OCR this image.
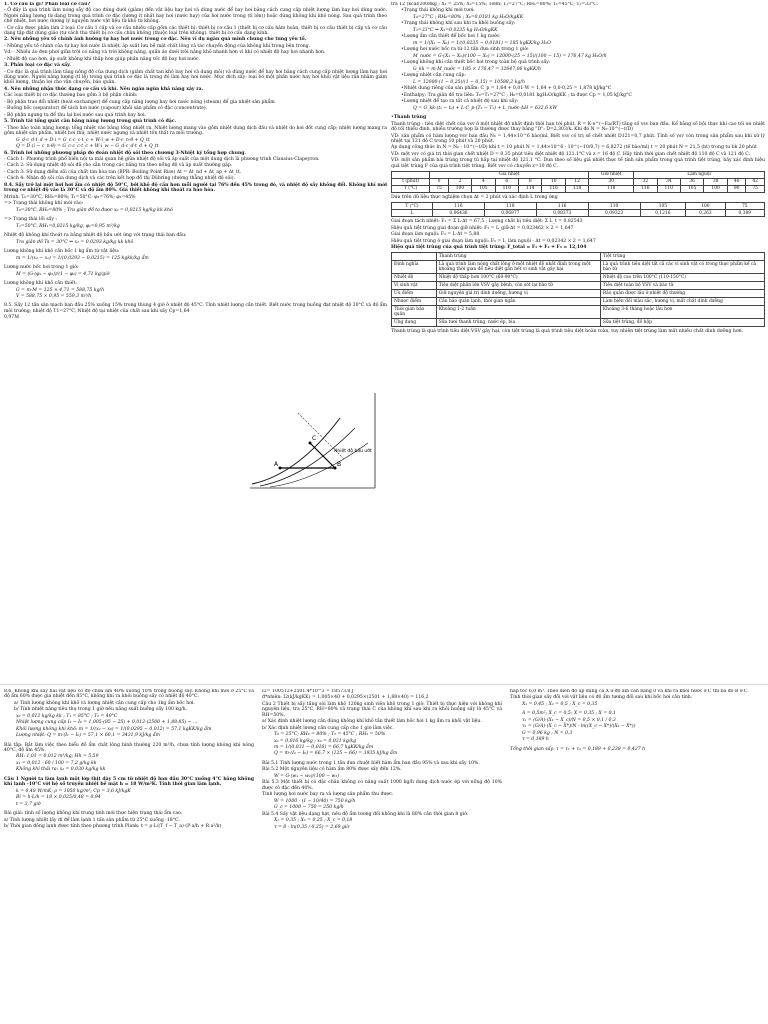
1. Cơ cấu là gì? Phân loại cơ cấu?

- Ở đây là quá trình làm nóng sẫy độ cao đúng dưới (giảm) đến vật liệu hay hơi và dùng nước để hay hơi bằng cách cung cấp nhiệt lượng làm hay hơi dùng nước. Người nâng lượng từ dạng trong quá trình cơ đặc (lượng ít nhất hay hơi (nước hay) của hơi nước trong (tỉ lớn)) hoặc dùng không khí khô nóng. Sau quá trình theo chế nhiệt, hơi nước dương lý nguyên nước vật liệu từ khô từ không.

- Cơ cấu được phân làm 2 loại: Cơ cấu 1 cấp và cơ cấu nhiều cấp gồm các thiết bị: thiết bị cơ cấu 1 (thiết bị cơ cấu hâm hoàn, thiết bị cơ cấu thiết bị cấp và cơ cấu dạng tập đặt dùng giáo (tự cách thu thiết bị cơ cấu chân không (thuộc loại trên không). thiết bị cơ cấu dạng kính.

2. Nêu những yêu tố chính ảnh hưởng tự hay hơi nước trong cơ đặc. Nêu ví dụ ngăn quá mình chung cho tung yếu tố.

- Những yếu tố chính của tự hay hơi nước là nhiệt, áp suất lưu bề mặt chất lỏng và tác chuyển động của không khí trong bên trong.

Vd: - Nhiều áo đen phơi giữa trời có nắng và trời không nắng, quần áo dưới trời nắng khô nhanh hơn vì khi có nhiệt độ hay hơi nhanh hơn.

- Nhiệt độ cao hơn, áp suất không khí thấp hơn giúp phần nâng tốc độ bay hơi nước.

3. Phân loại cơ đặc và sấy.

- Cơ đặc là quá trình làm tăng nồng độ của dung dịch (giảm chất tan khô bay hơi và dung môi) và dùng nước để hay hơi bằng cách cung cấp nhiệt lượng làm hay hơi dùng nước. Người nâng lượng (tỉ lệ) trong quá trình cơ đặc là trong đó làm hay hơi nước. Mục đích sấy: loại bỏ một phần nước hay hơi khỏi vật liệu rắn nhằm giảm khối lượng, thuận lợi cho vận chuyển, bảo quản.

4. Nêu những nhận thức dạng cơ cấu và khí. Nêu ngăn ngừa khả năng xảy ra.

Các loại thiết bị cơ đặc thường bao gồm 3 bộ phận chính:

- Bộ phận trao đổi nhiệt (heat exchanger) để cung cấp năng lượng hay hơi nước nóng (steam) để gia nhiệt sản phẩm.

- Buồng bốc (separator) để tách hơi nước (vapour) khỏi sản phẩm cô đặc (concentrate).

- Bộ phận ngưng tụ để thu lại hơi nước sau quá trình bay hơi.

5. Trình tài tổng quát cân bằng năng lượng trong quá trình cô đặc.

- Theo bảo toàn năng lượng: tổng nhiệt vào bằng tổng nhiệt ra. Nhiệt lượng mang vào gồm nhiệt dung dịch đầu và nhiệt do hơi đốt cung cấp; nhiệt lượng mang ra gồm nhiệt sản phẩm, nhiệt hơi thứ, nhiệt nước ngưng và nhiệt tổn thất ra môi trường.

G_d·c_d·t_d + D·i = G_c·c_c·t_c + W·i_w + D·c_n·θ + Q_tt

Q = D·(i − c_n·θ) = G_c·c_c·t_c + W·i_w − G_d·c_d·t_d + Q_tt

6. Trình lơi những phương pháp đo đoán nhiệt độ sôi theo chương 3-Nhiệt ký tổng hợp chung.

- Cách 1: Phương trình phổ biến nội ta mái quan hệ giữa nhiệt độ sôi và áp suất của một dung dịch là phương trình Clausius-Clapeyron.

- Cách 2: Sử dụng nhiệt độ sôi đã cho sẵn trong các bảng tra theo nồng độ và áp suất thường gặp.

- Cách 3: Sử dụng điểm sôi của chất tan hòa tan (BPR: Boiling Point Rise) Δt = Δt_nd + Δt_ap + Δt_tt.

- Cách 4: Nhận độ sôi của dung dịch và các trên kết hợp đồ thị Dühring (dường thẳng nhiệt độ sôi).

8.4. Sấy trở lại một hơi hơi ẩm có nhiệt độ 50°C, bởi khô độ cần hơn mỗi người tại 76% đến 45% trong đó, và nhiệt độ sấy không đổi. Không khí mới trong cơ nhiệt độ vào là 30°C và độ ẩm 80%. Giá thiết không khí thoát ra bảo hòa.

Mrình: T₀=30°C, RH₀=80%; T₁=50°C; φ₂=76%; φ₁=45%

=> Trạng thái không khí mới vào:

T₀=30°C, RH₀=80% ; Tra giản đồ ta được x₀ = 0,0215 kg/kg kk khô

=> Trạng thái lối sấy :

T₁=50°C, RH₁=0,0215 kg/kg, φ₁=0,95 m³/kg

Nhiệt độ không khí thoát ra bằng nhiệt độ bầu ướt ứng với trạng thái ban đầu:

Tra giản đồ Ts = 30°C ⇒ x₂ = 0,0293 kg/kg kk khô

Lượng không khí khô cần bốc 1 kg ẩm từ vật liệu:

m = 1/(x₂ − x₁) = 1/(0,0293 − 0,0215) = 125 kgkk/kg ẩm

Lượng nước bốc hơi trong 1 giờ:

M = (G·(φ₁ − φ₂))/(1 − φ₂) = 4,71 kg/giờ

Lượng không khí khô cần thiết:

G = m·M = 125 × 4,71 = 588,75 kg/h

V = 588,75 × 0,95 = 559,3 m³/h

8.5. Sấy 12 tấn sản mạch ban đầu 25% xuống 15% trong thùng 4 giờ ở nhiệt độ 45°C. Tính nhiệt lượng cần thiết. Biết nước trong buồng đạt nhiệt độ 30°C và độ ẩm môi trường; nhiệt độ T1=27°C, Nhiệt độ tại nhiệt của chất sau khi sấy Cp=1,64

0,97M

A	B
C
Nhiệt độ bầu ướt

tra 12 (kcal/2008kg ; X₁ = 25%; X₂=15%; 1e8h; T₁=27°C; RH₁=80%; T₁=45°C; T₂=33°C.

• Trạng thái không khí mới tươi:

T₀=27°C ; RH₀=80% ; X₀=0,0181 kg H₂O/kgKK

• Trạng thái không khí sau khi ra khỏi buồng sấy:

T₂=33°C ⇒ X₂=0,0235 kg H₂O/kgKK

• Lượng ẩm cần thiết để bốc hơi 1 kg nước:

m = 1/(X₂ − X₀) = 1/(0,0235 − 0,0181) = 185 kgKK/kg H₂O

• Lượng hơi nước bốc ra từ 12 tấn dựa sinh trong 1 giờ:

M_nước = G·(X₁ − X₂)/(100 − X₂) = 12000·(25 − 15)/(100 − 15) = 176,47 kg H₂O/h

• Lượng không khí cần thiết bốc hơi trong toàn bộ quá trình sấy:

G_kk = m·M_nước = 185 × 176,47 = 32647,06 kgKK/h

• Lượng nhiệt cần cung cấp:

L = 12000·(1 − 0,25)/(1 − 0,15) = 10588,2 kg/h

• Nhiệt dung riêng của sản phẩm: C_p = 1,64 + 0,01·W = 1,64 + 0,0·0,25 = 1,878 kJ/kg°C

• Enthalpy: Tra giản đồ tra liên: T₀=T₁=27°C ; H₀=0,0181 kgH₂O/kgKK ; ta được Cp = 1,05 kJ/kg°C

• Lượng nhiệt để tạo ra tất cả nhiệt độ sau khi sấy:

Q = G_kk·(t₁ − t₀) + L·C_p·(T₂ − T₁) + L_nước·ΔH = 632,6 kW

• Thanh trùng

Thanh trùng : tiêu diệt chết của vsv ở một nhiệt độ nhất định thời hạn tới phút. R = K·e^(−Ea/RT) tăng số vsv ban đầu. Kể bằng số bội thực khi cao tối ưu nhiệt độ tối thiểu định, nhiều trường hợp là thường được thay bằng "D": D=2,303/k. Khi đó N = N₀·10^(−t/D)

VD: sản phẩm có hàm lượng vsv ban đầu N₀ = 1,44×10^6 bào/ml. Biết vsv có trị số chết nhiệt D121=0,7 phút. Tính số vsv còn trong sản phẩm sau khi xử lý nhiệt tại 121 độ C trong 10 phút và 20 phút.

Áp dụng công thức ln N = N₀ · 10^(−t/D) khi t = 10 phút N = 1,44×10^6 · 10^(−10/0,7) = 6,8272 (tế bào/ml) t = 20 phút N = 21,5 (bt) trong tu bk 20 phút

VD: một vsv có giá trị thời gian chết nhiệt D = 0,35 phút tiêu diệt nhiệt độ 121.1°C và z = 16 độ C. Hãy tính thời gian chết nhiệt độ 110 độ C và 121 độ C.

VD: một sản phẩm bài trùng trong tủ hấp tại nhiệt độ 121.1 °C. Dựa theo số liệu giá nhiệt thực tế tính sản phẩm trong quá trình tiệt trùng, hãy xác định hiệu quả tiệt trùng F của quá trình tiệt trùng. Biết vsv có chuyển z=10 độ C.

	Gia nhiệt							Giữ nhiệt	Làm nguội					
t (phút)	0	2	4	6	8	10	12	30	32	34	36	38	40	42
T (°C)	75	100	105	110	114	116	118	118	116	110	105	100	90	75

Dựa trên dữ liệu thực nghiệm chọn ∆t = 2 phút và xác định L trong ứng

T (°C)	116	118	116	110	105	100	75
L	0,06436	0,06977	0,08373	0,09323	0,1216	0,263	0,389

Giai đoạn tách nhiệt: F₁ = Σ L·∆t = 67,5 ; Lượng chất bị tiêu diệt: Σ L_t = 0,82543

Hiệu quả tiệt trùng giai đoạn giữ nhiệt: F₂ = L_giữ·∆t = 0,023462 × 2 = 1,647

Giai đoạn làm nguội: F₃ = L·Δt = 5,88

Hiệu quả tiệt trùng ở giai đoạn làm nguội: F₃ = L_làm nguội · ∆t = 0,02342 × 2 = 1,647

Hiệu quả tiệt trùng của quá trình tiệt trùng: F_total = F₁ + F₂ + F₃ = 12,104

	Thanh trùng	Tiệt trùng
Định nghĩa	Là quá trình làm nóng chất lỏng ở một nhiệt độ nhất định trong một khoảng thời gian để tiêu diệt gần hết vi sinh vật gây hại	Là quá trình tiêu diệt tất cả các vi sinh vật có trong thực phẩm kể cả bào tử
Nhiệt độ	Nhiệt độ thấp hơn 100°C (60-90°C)	Nhiệt độ cao trên 100°C (110-150°C)
Vi sinh vật	Tiêu diệt phần lớn VSV gây bệnh, còn sót lại bào tử	Tiêu diệt toàn bộ VSV và bào tử
Ưu điểm	Giữ nguyên giá trị dinh dưỡng, hương vị	Bảo quản được lâu ở nhiệt độ thường
Nhược điểm	Cần bảo quản lạnh, thời gian ngắn	Làm biến đổi màu sắc, hương vị, mất chất dinh dưỡng
Thời gian bảo quản	Khoảng 1-2 tuần	Khoảng 3-6 tháng hoặc lâu hơn
Ứng dụng	Sữa tươi thanh trùng, nước ép, bia	Sữa tiệt trùng, đồ hộp

Thanh trùng là quá trình tiêu diệt VSV gây hại, còn tiệt trùng là quá trình tiêu diệt hoàn toàn, tuy nhiên tiệt trùng làm mất nhiều chất dinh dưỡng hơn.

8.6. Không khí sấy hai vật liệu có độ chứa ẩm 40% xuống 10% trong buồng sấy. Không khí mới ở 25°C và độ ẩm 60% được gia nhiệt đến 85°C, không khí ra khỏi buồng sấy có nhiệt độ 40°C.

a/ Tính lượng không khí khô và lượng nhiệt cần cung cấp cho 1kg ẩm bốc hơi.

b/ Tính nhiệt năng tiêu thụ trong 1 giờ nếu năng suất buồng sấy 100 kg/h.

x₀ = 0,012 kg/kg kk ; T₁ = 85°C ; T₂ = 40°C

Nhiệt lượng cung cấp I₁ − I₀ = 1,005·(85 − 25) + 0,012·(2500 + 1,88·85) − ...

Khối lượng không khí khô: m = 1/(x₂ − x₀) = 1/(0,0295 − 0,012) = 57,1 kgKK/kg ẩm

Lượng nhiệt: Q = m·(I₁ − I₀) = 57,1 × 60,1 = 3431,9 kJ/kg ẩm

Bài tập: Bắt làm việc theo biểu đồ ẩm chất lỏng bình thường 220 m³/h, chưa tính lượng không khí nóng 40°C, độ ẩm 45%.

RH: 1,01 = 0,012 m³/kg; Hh = 5,59

x₁ = 0,012 · 60 / 100 = 7,2 g/kg kk

Không khí thải ra: x₂ = 0,030 kg/kg kk

Câu 1 Người ta làm lạnh một lớp thịt dày 5 cm từ nhiệt độ ban đầu 30°C xuống 4°C bằng không khí lạnh -10°C với hệ số truyền nhiệt bề mặt h = 18 W/m²K. Tính thời gian làm lạnh.

k = 0,48 W/mK; ρ = 1050 kg/m³; Cp = 3,6 kJ/kgK

Bi = h·L/k = 18 × 0,025/0,48 = 0,94

t = 3,7 giờ

Bài giải: tính số lượng không khí trung tính mới thực hiện trạng thái ẩm cao.

a/ Tính lượng nhiệt lấy đi để làm lạnh 1 tấn sản phẩm từ 25°C xuống -18°C.

b/ Thời gian đông lạnh được tính theo phương trình Plank: t = ρ·L/(T_f − T_a)·(P·a/h + R·a²/k)

I2= 1005T2+2501.4*10^3 = 18573.8 J

đ*nhiên: I2(kJ/kgKK) = 1,005×40 + 0,0295×(2501 + 1,88×40) = 116,2

Câu 2 Thiết bị sấy tầng sôi làm khô 120kg sinh viên khô trong 1 giờ. Thiết bị thực hiện với không khí nguyên liệu, tra 25°C, RH=80% và trạng thái C của không khí sau khi ra khỏi buồng sấy là 45°C và RH=50%.

a/ Xác định nhiệt lượng cần dùng không khí khô tần thiết làm bốc hơi 1 kg ẩm ra khỏi vật liệu.

b/ Xác định nhiệt lượng cần cung cấp cho 1 giờ làm việc.

T₀ = 25°C; RH₀ = 80% ; T₂ = 45°C ; RH₂ = 50%

x₀ = 0,016 kg/kg ; x₂ = 0,031 kg/kg

m = 1/(0,031 − 0,016) = 66,7 kgKK/kg ẩm

Q = m·(I₂ − I₀) = 66,7 × (125 − 66) = 3935 kJ/kg ẩm

Bài 5.1 Tính lượng nước trong 1 tấn dưa chuột biết hàm ẩm ban đầu 95% và sau khi sấy 10%.

Bài 5.2 Một nguyên liệu có hàm ẩm 80% được sấy đến 12%.

W = G·(w₁ − w₂)/(100 − w₂)

Bài 5.3 Một thiết bị cô đặc chân không có năng suất 1000 kg/h dung dịch nước ép với nồng độ 10% được cô đặc đến 40%.

Tính lượng hơi nước bay ra và lượng sản phẩm thu được.

W = 1000 · (1 − 10/40) = 750 kg/h

G_c = 1000 − 750 = 250 kg/h

Bài 5.4 Sấy vật liệu dạng hạt, nếu độ ẩm tương đối không khí là 80% cần thời gian 8 giờ.

X₁ = 0,35 ; X₂ = 0,25 ; X_c = 0,18

τ = 8 · ln(0,35 / 0,25) = 2,69 giờ

hấp tốc 6,0 m³. Theo diễn đồ áp dụng cả X ở độ ẩm cân bằng 0 và khí ra khỏi nước ở C thì bá đồ B ở C.

Tính thời gian sấy đối với vật liệu có độ ẩm tương đối sau khi bốc hơi cần tính.

X₁ = 0,45 ; X₂ = 0,5 ; X_c = 0,35

A = 0,5m²; X_c = 0,5; X = 0,35 ; X = 0,1

τ₁ = (G/A)·(X₁ − X_c)/N = 0,5 × 0,1 / 0,3

τ₂ = (G/A)·(X_c − X*)/N · ln((X_c − X*)/(X₂ − X*))

G = 0,96 kg ; N = 0,3

τ = 0,189 h

Tổng thời gian sấy: τ = τ₁ + τ₂ = 0,189 + 0,238 = 0,427 h
